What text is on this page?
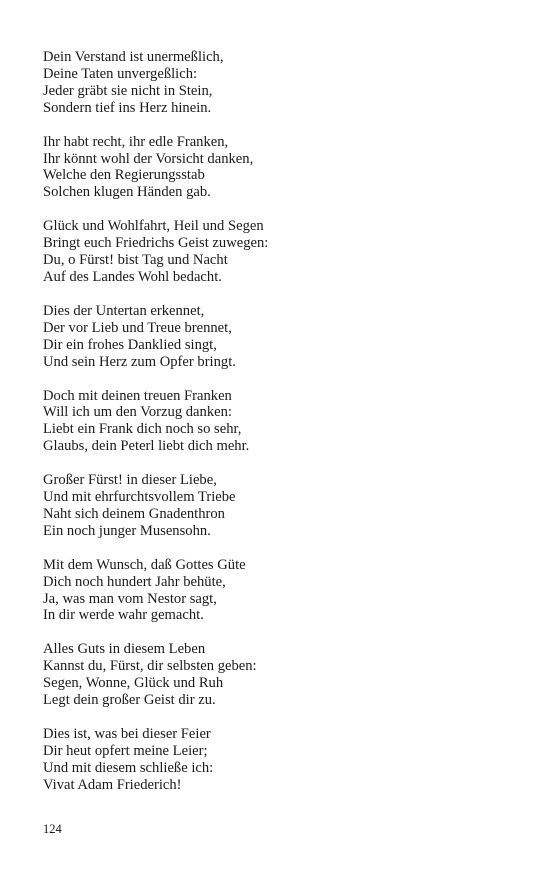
Dein Verstand ist unermeßlich,
Deine Taten unvergeßlich:
Jeder gräbt sie nicht in Stein,
Sondern tief ins Herz hinein.
Ihr habt recht, ihr edle Franken,
Ihr könnt wohl der Vorsicht danken,
Welche den Regierungsstab
Solchen klugen Händen gab.
Glück und Wohlfahrt, Heil und Segen
Bringt euch Friedrichs Geist zuwegen:
Du, o Fürst! bist Tag und Nacht
Auf des Landes Wohl bedacht.
Dies der Untertan erkennet,
Der vor Lieb und Treue brennet,
Dir ein frohes Danklied singt,
Und sein Herz zum Opfer bringt.
Doch mit deinen treuen Franken
Will ich um den Vorzug danken:
Liebt ein Frank dich noch so sehr,
Glaubs, dein Peterl liebt dich mehr.
Großer Fürst! in dieser Liebe,
Und mit ehrfurchtsvollem Triebe
Naht sich deinem Gnadenthron
Ein noch junger Musensohn.
Mit dem Wunsch, daß Gottes Güte
Dich noch hundert Jahr behüte,
Ja, was man vom Nestor sagt,
In dir werde wahr gemacht.
Alles Guts in diesem Leben
Kannst du, Fürst, dir selbsten geben:
Segen, Wonne, Glück und Ruh
Legt dein großer Geist dir zu.
Dies ist, was bei dieser Feier
Dir heut opfert meine Leier;
Und mit diesem schließe ich:
Vivat Adam Friederich!
124
